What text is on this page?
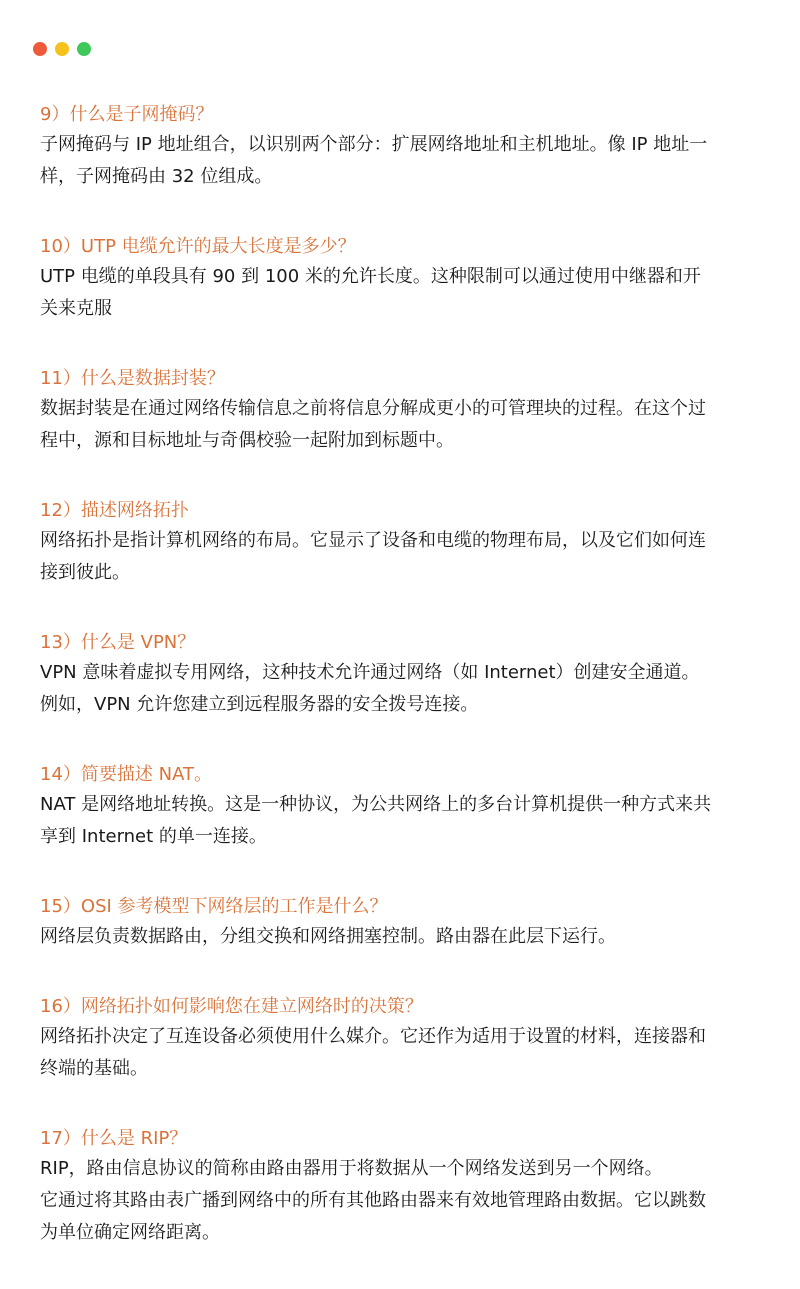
9）什么是子网掩码？

子网掩码与 IP 地址组合，以识别两个部分：扩展网络地址和主机地址。像 IP 地址一
样，子网掩码由 32 位组成。

10）UTP 电缆允许的最大长度是多少？

UTP 电缆的单段具有 90 到 100 米的允许长度。这种限制可以通过使用中继器和开
关来克服

11）什么是数据封装？

数据封装是在通过网络传输信息之前将信息分解成更小的可管理块的过程。在这个过
程中，源和目标地址与奇偶校验一起附加到标题中。

12）描述网络拓扑

网络拓扑是指计算机网络的布局。它显示了设备和电缆的物理布局，以及它们如何连
接到彼此。

13）什么是 VPN？

VPN 意味着虚拟专用网络，这种技术允许通过网络（如 Internet）创建安全通道。
例如，VPN 允许您建立到远程服务器的安全拨号连接。

14）简要描述 NAT。

NAT 是网络地址转换。这是一种协议，为公共网络上的多台计算机提供一种方式来共
享到 Internet 的单一连接。

15）OSI 参考模型下网络层的工作是什么？

网络层负责数据路由，分组交换和网络拥塞控制。路由器在此层下运行。

16）网络拓扑如何影响您在建立网络时的决策？

网络拓扑决定了互连设备必须使用什么媒介。它还作为适用于设置的材料，连接器和
终端的基础。

17）什么是 RIP？

RIP，路由信息协议的简称由路由器用于将数据从一个网络发送到另一个网络。
它通过将其路由表广播到网络中的所有其他路由器来有效地管理路由数据。它以跳数
为单位确定网络距离。
